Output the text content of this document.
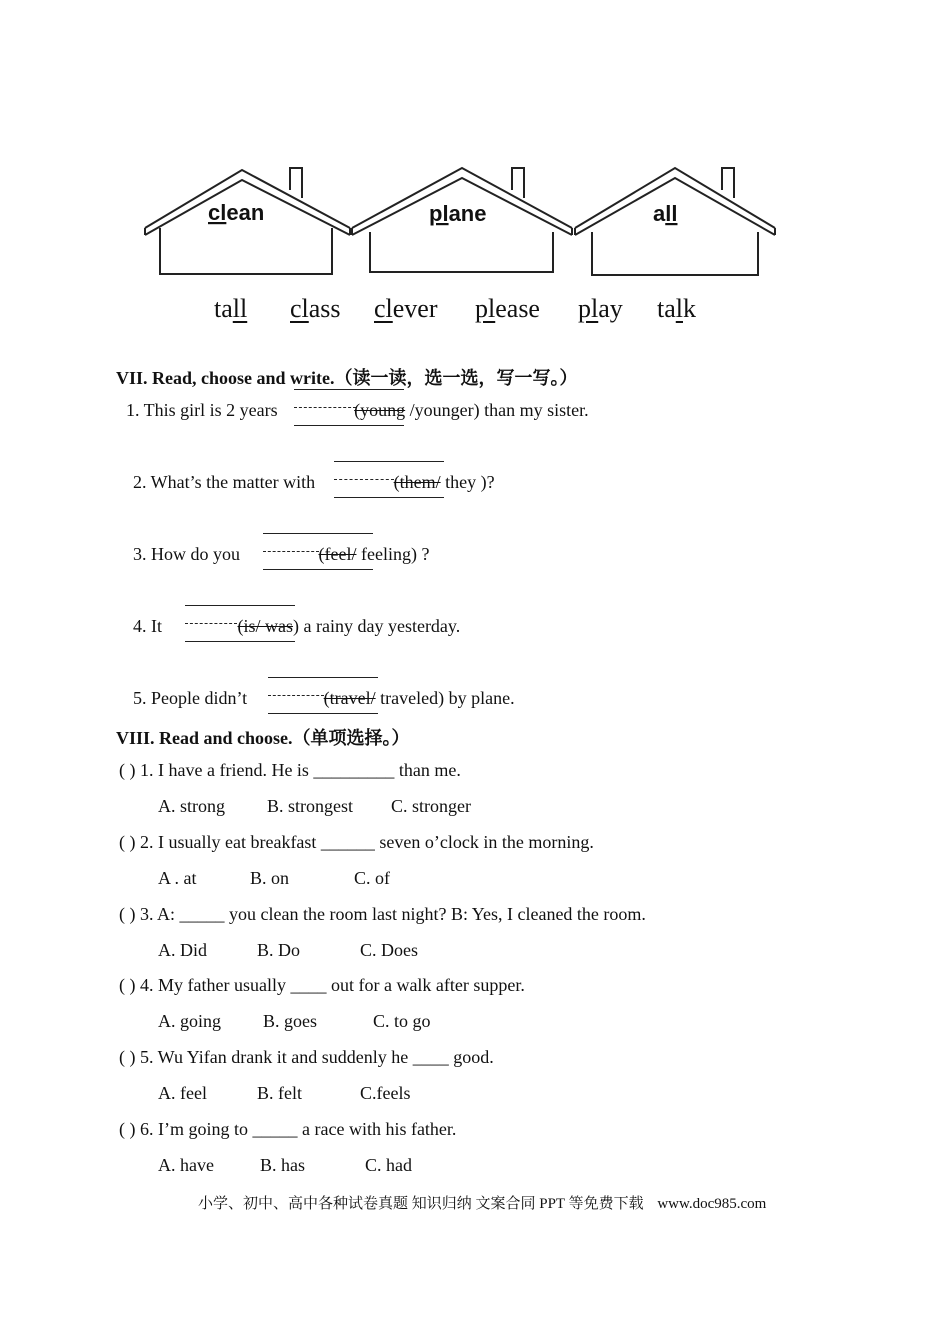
clean	plane	all
tall class clever please play talk
VII. Read, choose and write.（读一读，选一选，写一写。）
1. This girl is 2 years	(young /younger) than my sister.
2. What’s the matter with	(them/ they )?
3. How do you	(feel/ feeling) ?
4. It	(is/ was) a rainy day yesterday.
5. People didn’t	(travel/ traveled) by plane.
VIII. Read and choose.（单项选择。）
( ) 1. I have a friend. He is _________ than me.
A. strong B. strongest C. stronger
( ) 2. I usually eat breakfast ______ seven o’clock in the morning.
A . at	B. on	C. of
( ) 3. A: _____ you clean the room last night? B: Yes, I cleaned the room.
A. Did	B. Do	C. Does
( ) 4. My father usually ____ out for a walk after supper.
A. going B. goes	C. to go
( ) 5. Wu Yifan drank it and suddenly he ____ good.
A. feel	B. felt	C.feels
( ) 6. I’m going to _____ a race with his father.
A. have	B. has	C. had
小学、初中、高中各种试卷真题 知识归纳 文案合同 PPT 等免费下载 www.doc985.com
